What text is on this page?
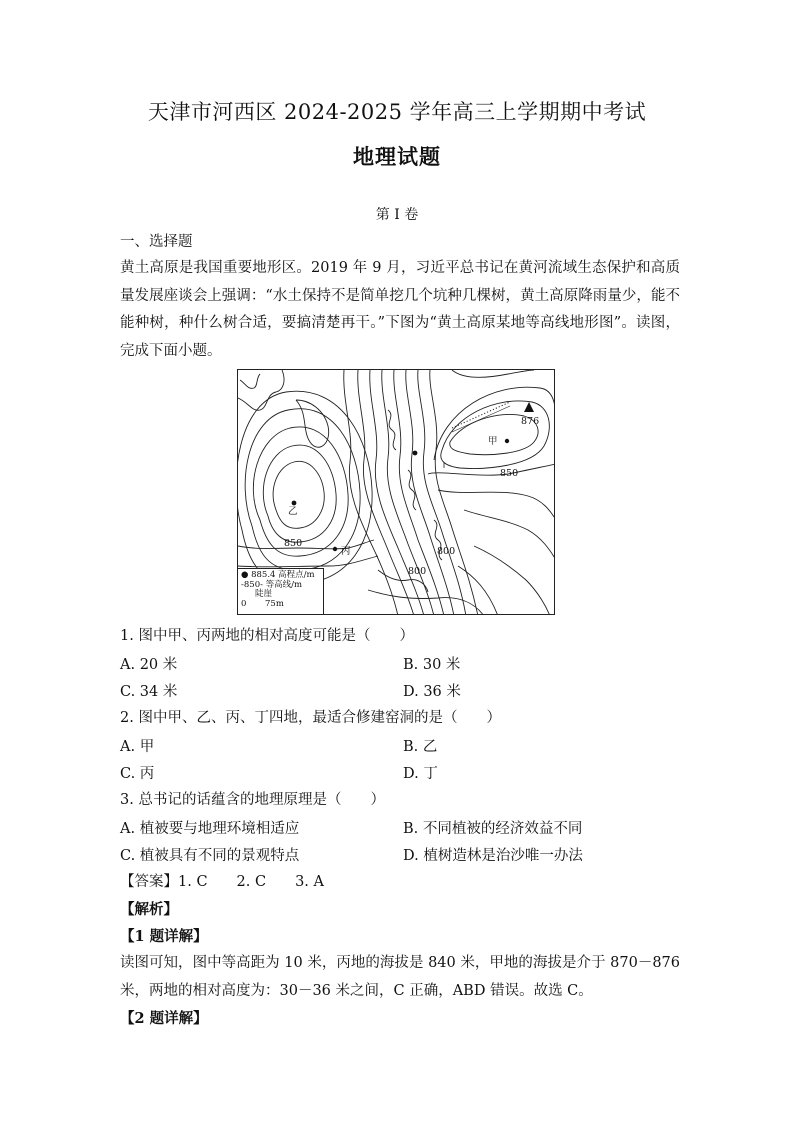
天津市河西区 2024-2025 学年高三上学期期中考试
地理试题
第 I 卷
一、选择题
黄土高原是我国重要地形区。2019 年 9 月，习近平总书记在黄河流域生态保护和高质量发展座谈会上强调：“水土保持不是简单挖几个坑种几棵树，黄土高原降雨量少，能不能种树，种什么树合适，要搞清楚再干。”下图为“黄土高原某地等高线地形图”。读图，完成下面小题。
甲
乙
丙
876
850
850
800
800
● 885.4 高程点/m
-850- 等高线/m
陡崖
0 75m
1. 图中甲、丙两地的相对高度可能是（　　）
A. 20 米	B. 30 米
C. 34 米	D. 36 米
2. 图中甲、乙、丙、丁四地，最适合修建窑洞的是（　　）
A. 甲	B. 乙
C. 丙	D. 丁
3. 总书记的话蕴含的地理原理是（　　）
A. 植被要与地理环境相适应	B. 不同植被的经济效益不同
C. 植被具有不同的景观特点	D. 植树造林是治沙唯一办法
【答案】1. C　　2. C　　3. A
【解析】
【1 题详解】
读图可知，图中等高距为 10 米，丙地的海拔是 840 米，甲地的海拔是介于 870－876 米，两地的相对高度为：30－36 米之间，C 正确，ABD 错误。故选 C。
【2 题详解】
